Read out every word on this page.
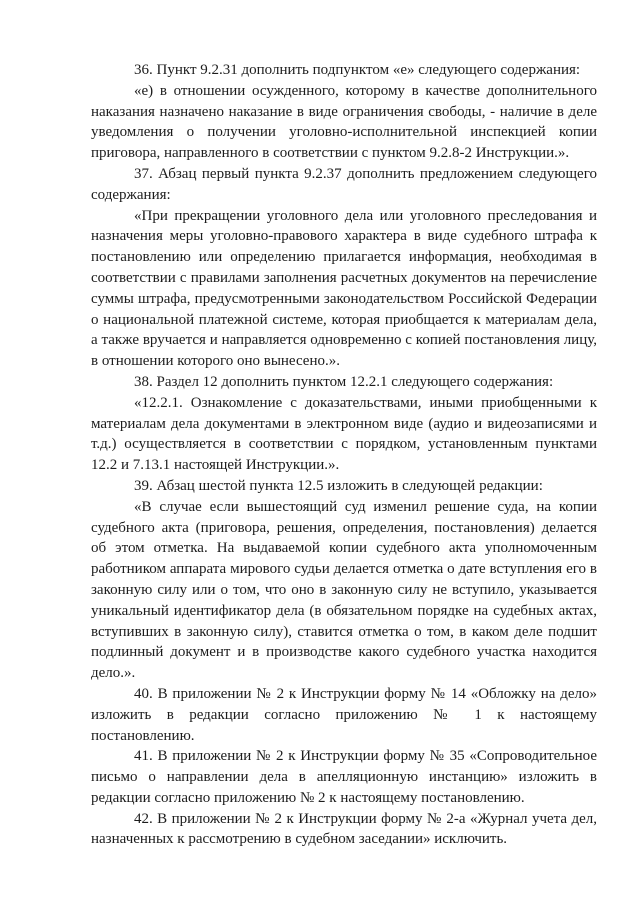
36. Пункт 9.2.31 дополнить подпунктом «е» следующего содержания:

«е) в отношении осужденного, которому в качестве дополнительного наказания назначено наказание в виде ограничения свободы, - наличие в деле уведомления о получении уголовно-исполнительной инспекцией копии приговора, направленного в соответствии с пунктом 9.2.8-2 Инструкции.».

37. Абзац первый пункта 9.2.37 дополнить предложением следующего содержания:

«При прекращении уголовного дела или уголовного преследования и назначения меры уголовно-правового характера в виде судебного штрафа к постановлению или определению прилагается информация, необходимая в соответствии с правилами заполнения расчетных документов на перечисление суммы штрафа, предусмотренными законодательством Российской Федерации о национальной платежной системе, которая приобщается к материалам дела, а также вручается и направляется одновременно с копией постановления лицу, в отношении которого оно вынесено.».

38. Раздел 12 дополнить пунктом 12.2.1 следующего содержания:

«12.2.1. Ознакомление с доказательствами, иными приобщенными к материалам дела документами в электронном виде (аудио и видеозаписями и т.д.) осуществляется в соответствии с порядком, установленным пунктами 12.2 и 7.13.1 настоящей Инструкции.».

39. Абзац шестой пункта 12.5 изложить в следующей редакции:

«В случае если вышестоящий суд изменил решение суда, на копии судебного акта (приговора, решения, определения, постановления) делается об этом отметка. На выдаваемой копии судебного акта уполномоченным работником аппарата мирового судьи делается отметка о дате вступления его в законную силу или о том, что оно в законную силу не вступило, указывается уникальный идентификатор дела (в обязательном порядке на судебных актах, вступивших в законную силу), ставится отметка о том, в каком деле подшит подлинный документ и в производстве какого судебного участка находится дело.».

40. В приложении № 2 к Инструкции форму № 14 «Обложку на дело» изложить в редакции согласно приложению № 1 к настоящему постановлению.

41. В приложении № 2 к Инструкции форму № 35 «Сопроводительное письмо о направлении дела в апелляционную инстанцию» изложить в редакции согласно приложению № 2 к настоящему постановлению.

42. В приложении № 2 к Инструкции форму № 2-а «Журнал учета дел, назначенных к рассмотрению в судебном заседании» исключить.
